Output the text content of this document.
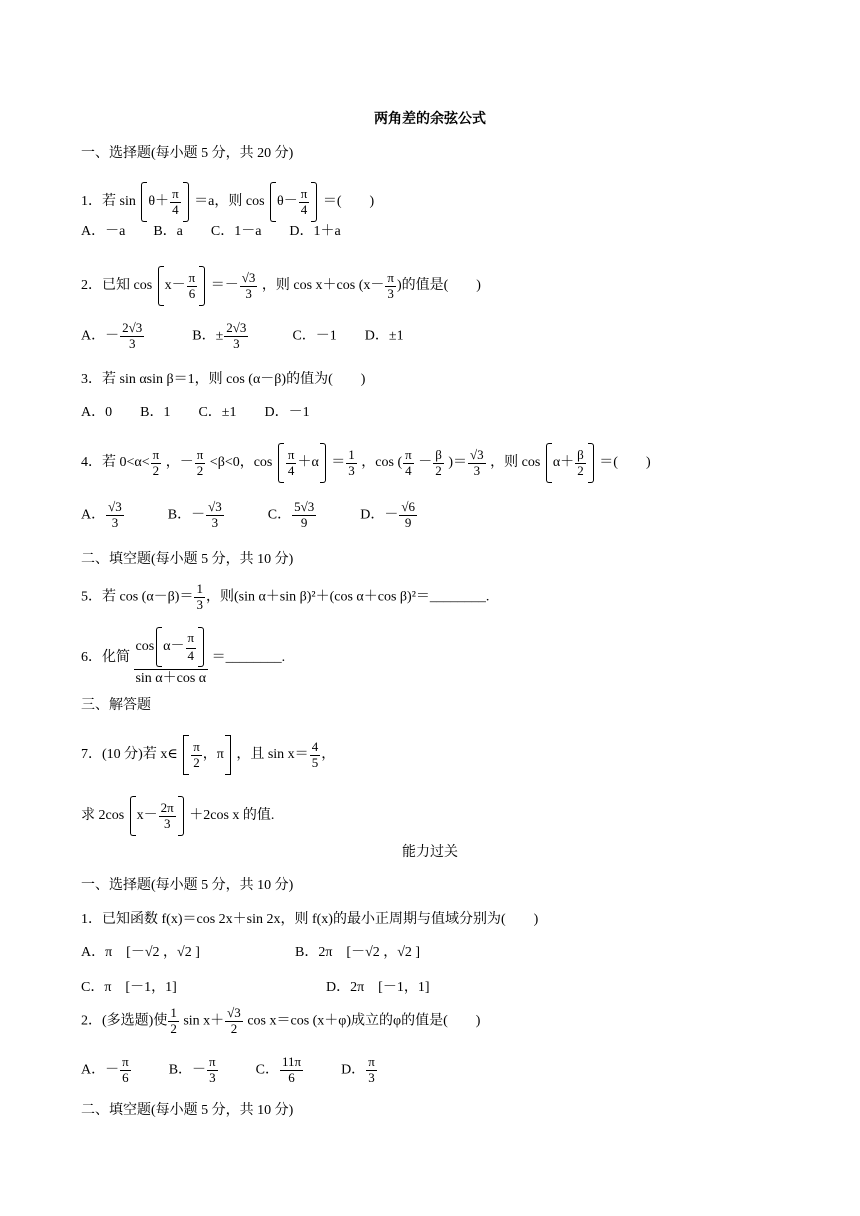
两角差的余弦公式
一、选择题(每小题 5 分，共 20 分)
1．若 sin θ＋
π
4 ＝a，则 cos θ－
π
4 ＝(　　)
A．－a　　B．a　　C．1－a　　D．1＋a
2．已知 cos x－
π
$6 =- \frac{√3}{3}$ ，则 cos x＋cos ($x- \frac{\pi}{3}$ )的值是(　　)
A．－ $\frac{2√3}{3}$	B．± $\frac{2√3}{3}$	C．－1　　D．±1
3．若 sin αsin β＝1，则 cos (α－β)的值为(　　)
A．0　　B．1　　C．±1　　D．－1
4．若 $0<\alpha< \frac{\pi}{2}$ ，－ $\frac{\pi}{2} <\beta<0$，cos
π
$4 +\alpha = \frac{1}{3}$ ，cos ( $\frac{\pi}{4} - \frac{\beta}{2}$ )＝ $\frac{√3}{3}$ ，则 cos α＋
β
2 ＝(　　)
A． $\frac{√3}{3}$	B．－ $\frac{√3}{3}$	C． $\frac{5√3}{9}$	D．－ $\frac{√6}{9}$
二、填空题(每小题 5 分，共 10 分)
5．若 $\cos (\alpha-\beta)= \frac{1}{3}$ ，则(sin α＋sin β)²＋(cos α＋cos β)²＝________.
6．化简 cos α－
π
4
sin α＋cos α ＝________.
三、解答题
7．(10 分)若 x∈
π
2 ，π ，且 $\sin x= \frac{4}{5}$ ，
求 2cos x－
2π
3 ＋2cos x 的值.
能力过关
一、选择题(每小题 5 分，共 10 分)
1．已知函数 f(x)＝cos 2x＋sin 2x，则 f(x)的最小正周期与值域分别为(　　)
A．π　[－√2 ，√2 ]	B．2π　[－√2 ，√2 ]
C．π　[－1，1]	D．2π　[－1，1]
2．(多选题)使 $\frac{1}{2}$ $\sin x+ \frac{√3}{2}$ cos x＝cos (x＋φ)成立的φ的值是(　　)
A．－ $\frac{\pi}{6}$	B．－ $\frac{\pi}{3}$	C． $\frac{11\pi}{6}$	D． $\frac{\pi}{3}$
二、填空题(每小题 5 分，共 10 分)
